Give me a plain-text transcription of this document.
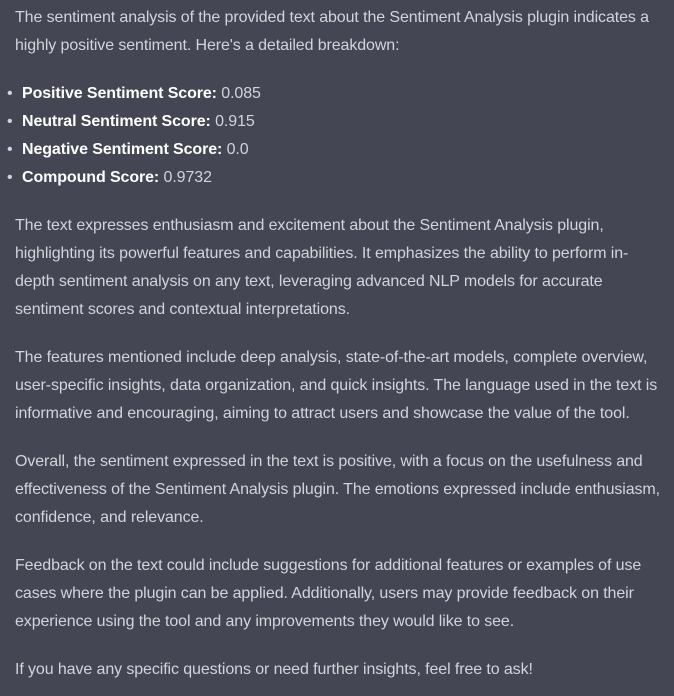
The sentiment analysis of the provided text about the Sentiment Analysis plugin indicates a highly positive sentiment. Here's a detailed breakdown:

• Positive Sentiment Score: 0.085
• Neutral Sentiment Score: 0.915
• Negative Sentiment Score: 0.0
• Compound Score: 0.9732

The text expresses enthusiasm and excitement about the Sentiment Analysis plugin, highlighting its powerful features and capabilities. It emphasizes the ability to perform in-depth sentiment analysis on any text, leveraging advanced NLP models for accurate sentiment scores and contextual interpretations.

The features mentioned include deep analysis, state-of-the-art models, complete overview, user-specific insights, data organization, and quick insights. The language used in the text is informative and encouraging, aiming to attract users and showcase the value of the tool.

Overall, the sentiment expressed in the text is positive, with a focus on the usefulness and effectiveness of the Sentiment Analysis plugin. The emotions expressed include enthusiasm, confidence, and relevance.

Feedback on the text could include suggestions for additional features or examples of use cases where the plugin can be applied. Additionally, users may provide feedback on their experience using the tool and any improvements they would like to see.

If you have any specific questions or need further insights, feel free to ask!
